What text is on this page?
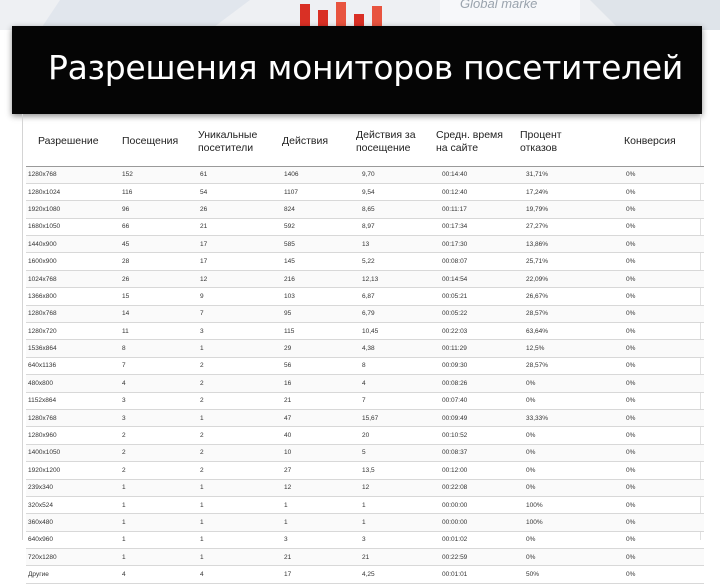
Global marke
Разрешения мониторов посетителей
Разрешение	Посещения	Уникальные посетители	Действия	Действия за посещение	Средн. время на сайте	Процент отказов	Конверсия
1280x768	152	61	1406	9,70	00:14:40	31,71%	0%
1280x1024	116	54	1107	9,54	00:12:40	17,24%	0%
1920x1080	96	26	824	8,65	00:11:17	19,79%	0%
1680x1050	66	21	592	8,97	00:17:34	27,27%	0%
1440x900	45	17	585	13	00:17:30	13,86%	0%
1600x900	28	17	145	5,22	00:08:07	25,71%	0%
1024x768	26	12	216	12,13	00:14:54	22,09%	0%
1366x800	15	9	103	6,87	00:05:21	26,67%	0%
1280x768	14	7	95	6,79	00:05:22	28,57%	0%
1280x720	11	3	115	10,45	00:22:03	63,64%	0%
1536x864	8	1	29	4,38	00:11:29	12,5%	0%
640x1136	7	2	56	8	00:09:30	28,57%	0%
480x800	4	2	16	4	00:08:26	0%	0%
1152x864	3	2	21	7	00:07:40	0%	0%
1280x768	3	1	47	15,67	00:09:49	33,33%	0%
1280x960	2	2	40	20	00:10:52	0%	0%
1400x1050	2	2	10	5	00:08:37	0%	0%
1920x1200	2	2	27	13,5	00:12:00	0%	0%
239x340	1	1	12	12	00:22:08	0%	0%
320x524	1	1	1	1	00:00:00	100%	0%
360x480	1	1	1	1	00:00:00	100%	0%
640x960	1	1	3	3	00:01:02	0%	0%
720x1280	1	1	21	21	00:22:59	0%	0%
Другие	4	4	17	4,25	00:01:01	50%	0%
